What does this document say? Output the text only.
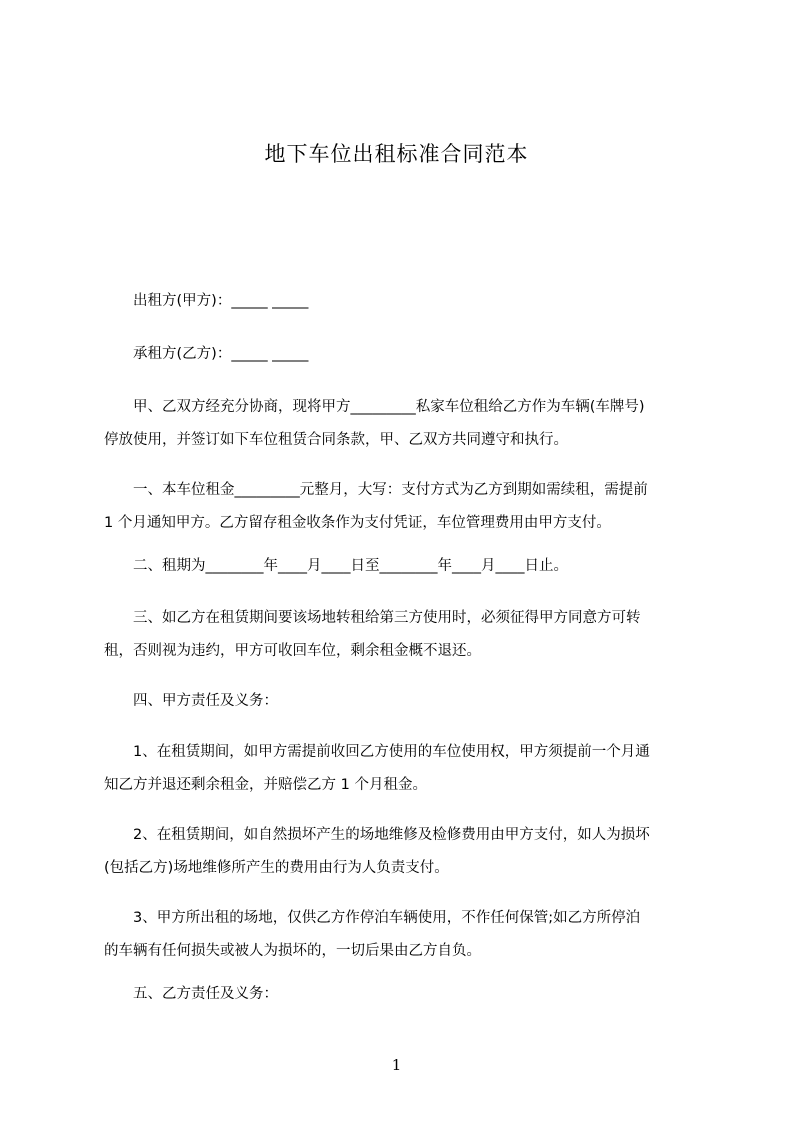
地下车位出租标准合同范本
　　出租方(甲方)：_____ _____
　　承租方(乙方)：_____ _____
　　甲、乙双方经充分协商，现将甲方_________私家车位租给乙方作为车辆(车牌号)
停放使用，并签订如下车位租赁合同条款，甲、乙双方共同遵守和执行。
　　一、本车位租金_________元整月，大写：支付方式为乙方到期如需续租，需提前
1 个月通知甲方。乙方留存租金收条作为支付凭证，车位管理费用由甲方支付。
　　二、租期为________年____月____日至________年____月____日止。
　　三、如乙方在租赁期间要该场地转租给第三方使用时，必须征得甲方同意方可转
租，否则视为违约，甲方可收回车位，剩余租金概不退还。
　　四、甲方责任及义务：
　　1、在租赁期间，如甲方需提前收回乙方使用的车位使用权，甲方须提前一个月通
知乙方并退还剩余租金，并赔偿乙方 1 个月租金。
　　2、在租赁期间，如自然损坏产生的场地维修及检修费用由甲方支付，如人为损坏
(包括乙方)场地维修所产生的费用由行为人负责支付。
　　3、甲方所出租的场地，仅供乙方作停泊车辆使用，不作任何保管;如乙方所停泊
的车辆有任何损失或被人为损坏的，一切后果由乙方自负。
　　五、乙方责任及义务：
1
